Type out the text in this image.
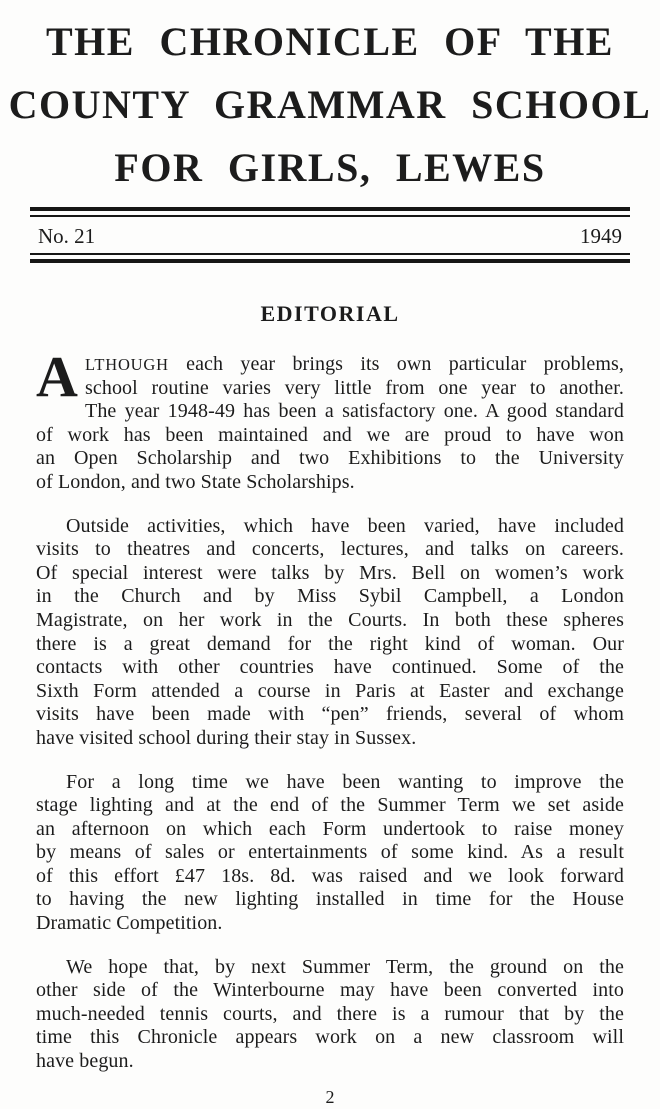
THE CHRONICLE OF THE
COUNTY GRAMMAR SCHOOL
FOR GIRLS, LEWES
No. 21	1949
EDITORIAL

A LTHOUGH each year brings its own particular problems,
school routine varies very little from one year to another.
The year 1948-49 has been a satisfactory one. A good standard
of work has been maintained and we are proud to have won
an Open Scholarship and two Exhibitions to the University
of London, and two State Scholarships.

Outside activities, which have been varied, have included
visits to theatres and concerts, lectures, and talks on careers.
Of special interest were talks by Mrs. Bell on women’s work
in the Church and by Miss Sybil Campbell, a London
Magistrate, on her work in the Courts. In both these spheres
there is a great demand for the right kind of woman. Our
contacts with other countries have continued. Some of the
Sixth Form attended a course in Paris at Easter and exchange
visits have been made with “pen” friends, several of whom
have visited school during their stay in Sussex.

For a long time we have been wanting to improve the
stage lighting and at the end of the Summer Term we set aside
an afternoon on which each Form undertook to raise money
by means of sales or entertainments of some kind. As a result
of this effort £47 18s. 8d. was raised and we look forward
to having the new lighting installed in time for the House
Dramatic Competition.

We hope that, by next Summer Term, the ground on the
other side of the Winterbourne may have been converted into
much-needed tennis courts, and there is a rumour that by the
time this Chronicle appears work on a new classroom will
have begun.

2
